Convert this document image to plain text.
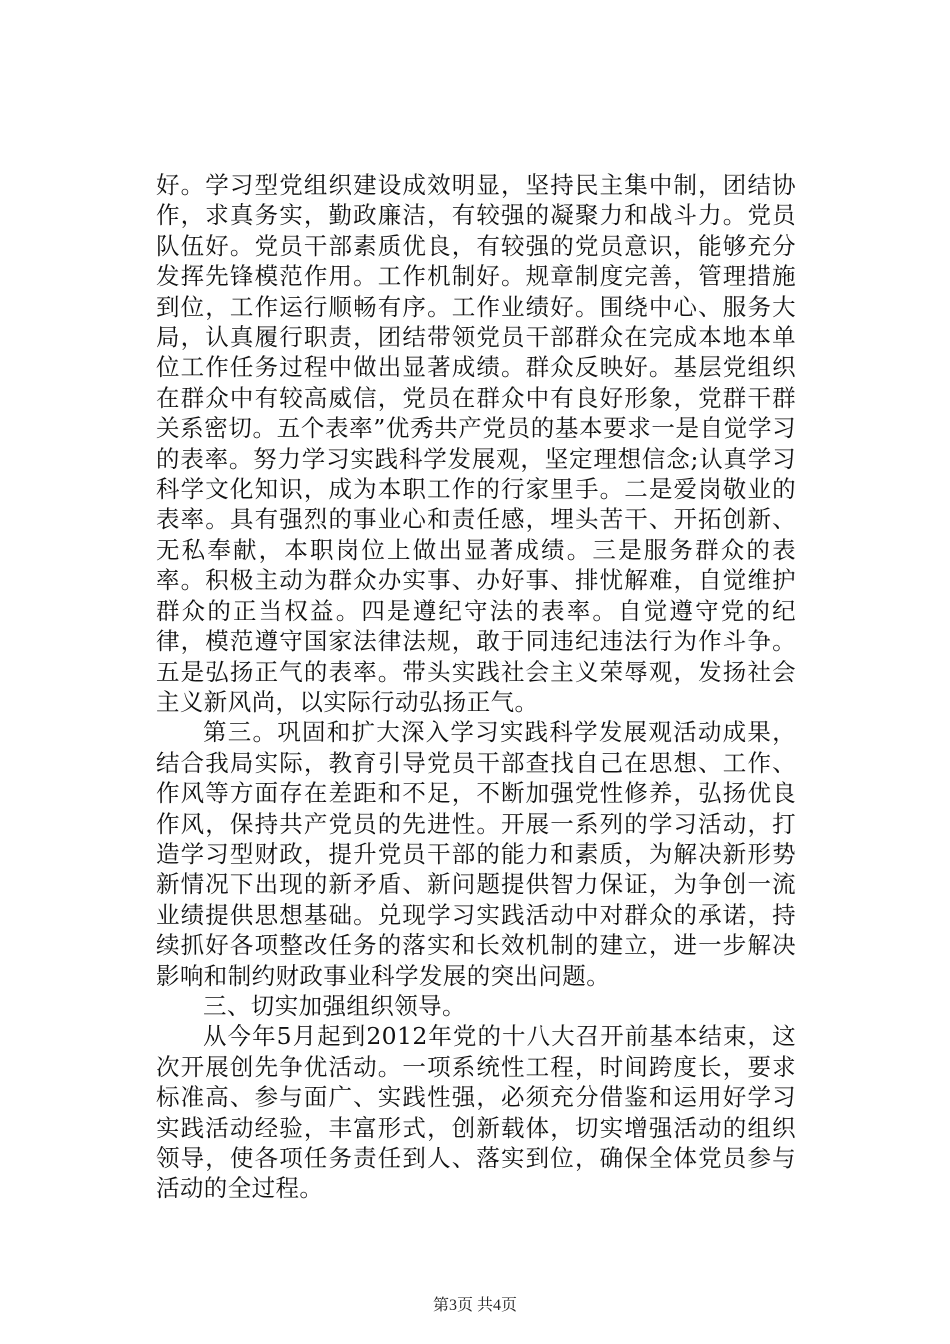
好。学习型党组织建设成效明显，坚持民主集中制，团结协作，求真务实，勤政廉洁，有较强的凝聚力和战斗力。党员队伍好。党员干部素质优良，有较强的党员意识，能够充分发挥先锋模范作用。工作机制好。规章制度完善，管理措施到位，工作运行顺畅有序。工作业绩好。围绕中心、服务大局，认真履行职责，团结带领党员干部群众在完成本地本单位工作任务过程中做出显著成绩。群众反映好。基层党组织在群众中有较高威信，党员在群众中有良好形象，党群干群关系密切。五个表率”优秀共产党员的基本要求一是自觉学习的表率。努力学习实践科学发展观，坚定理想信念;认真学习科学文化知识，成为本职工作的行家里手。二是爱岗敬业的表率。具有强烈的事业心和责任感，埋头苦干、开拓创新、无私奉献，本职岗位上做出显著成绩。三是服务群众的表率。积极主动为群众办实事、办好事、排忧解难，自觉维护群众的正当权益。四是遵纪守法的表率。自觉遵守党的纪律，模范遵守国家法律法规，敢于同违纪违法行为作斗争。五是弘扬正气的表率。带头实践社会主义荣辱观，发扬社会主义新风尚，以实际行动弘扬正气。

第三。巩固和扩大深入学习实践科学发展观活动成果，结合我局实际，教育引导党员干部查找自己在思想、工作、作风等方面存在差距和不足，不断加强党性修养，弘扬优良作风，保持共产党员的先进性。开展一系列的学习活动，打造学习型财政，提升党员干部的能力和素质，为解决新形势新情况下出现的新矛盾、新问题提供智力保证，为争创一流业绩提供思想基础。兑现学习实践活动中对群众的承诺，持续抓好各项整改任务的落实和长效机制的建立，进一步解决影响和制约财政事业科学发展的突出问题。

三、切实加强组织领导。

从今年5月起到2012年党的十八大召开前基本结束，这次开展创先争优活动。一项系统性工程，时间跨度长，要求标准高、参与面广、实践性强，必须充分借鉴和运用好学习实践活动经验，丰富形式，创新载体，切实增强活动的组织领导，使各项任务责任到人、落实到位，确保全体党员参与活动的全过程。

第3页 共4页
